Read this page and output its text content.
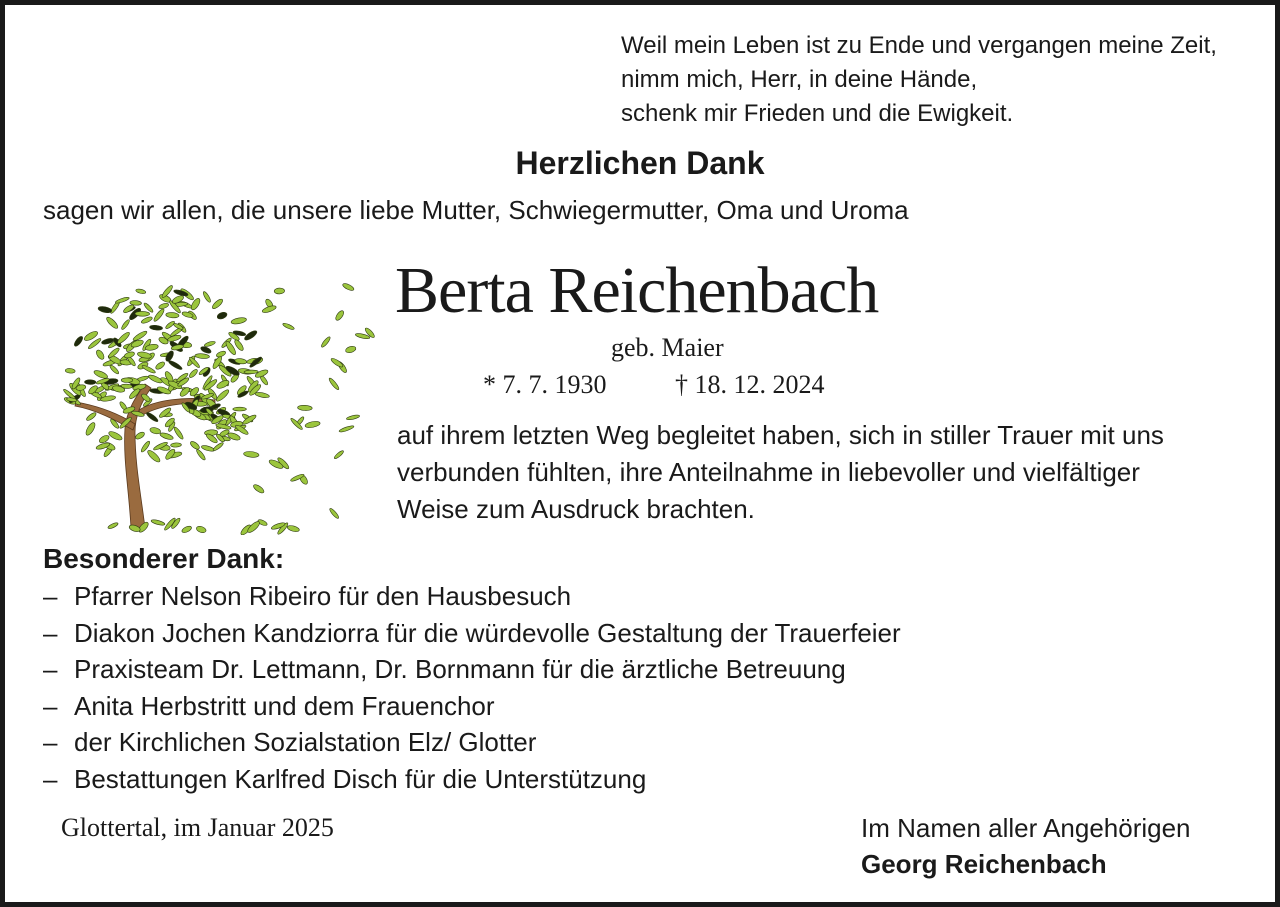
Weil mein Leben ist zu Ende und vergangen meine Zeit,
nimm mich, Herr, in deine Hände,
schenk mir Frieden und die Ewigkeit.
Herzlichen Dank

sagen wir allen, die unsere liebe Mutter, Schwiegermutter, Oma und Uroma

Berta Reichenbach

geb. Maier

* 7. 7. 1930	† 18. 12. 2024

auf ihrem letzten Weg begleitet haben, sich in stiller Trauer mit uns
verbunden fühlten, ihre Anteilnahme in liebevoller und vielfältiger
Weise zum Ausdruck brachten.
Besonderer Dank:
– Pfarrer Nelson Ribeiro für den Hausbesuch
– Diakon Jochen Kandziorra für die würdevolle Gestaltung der Trauerfeier
– Praxisteam Dr. Lettmann, Dr. Bornmann für die ärztliche Betreuung
– Anita Herbstritt und dem Frauenchor
– der Kirchlichen Sozialstation Elz/ Glotter
– Bestattungen Karlfred Disch für die Unterstützung

Glottertal, im Januar 2025	Im Namen aller Angehörigen

Georg Reichenbach
